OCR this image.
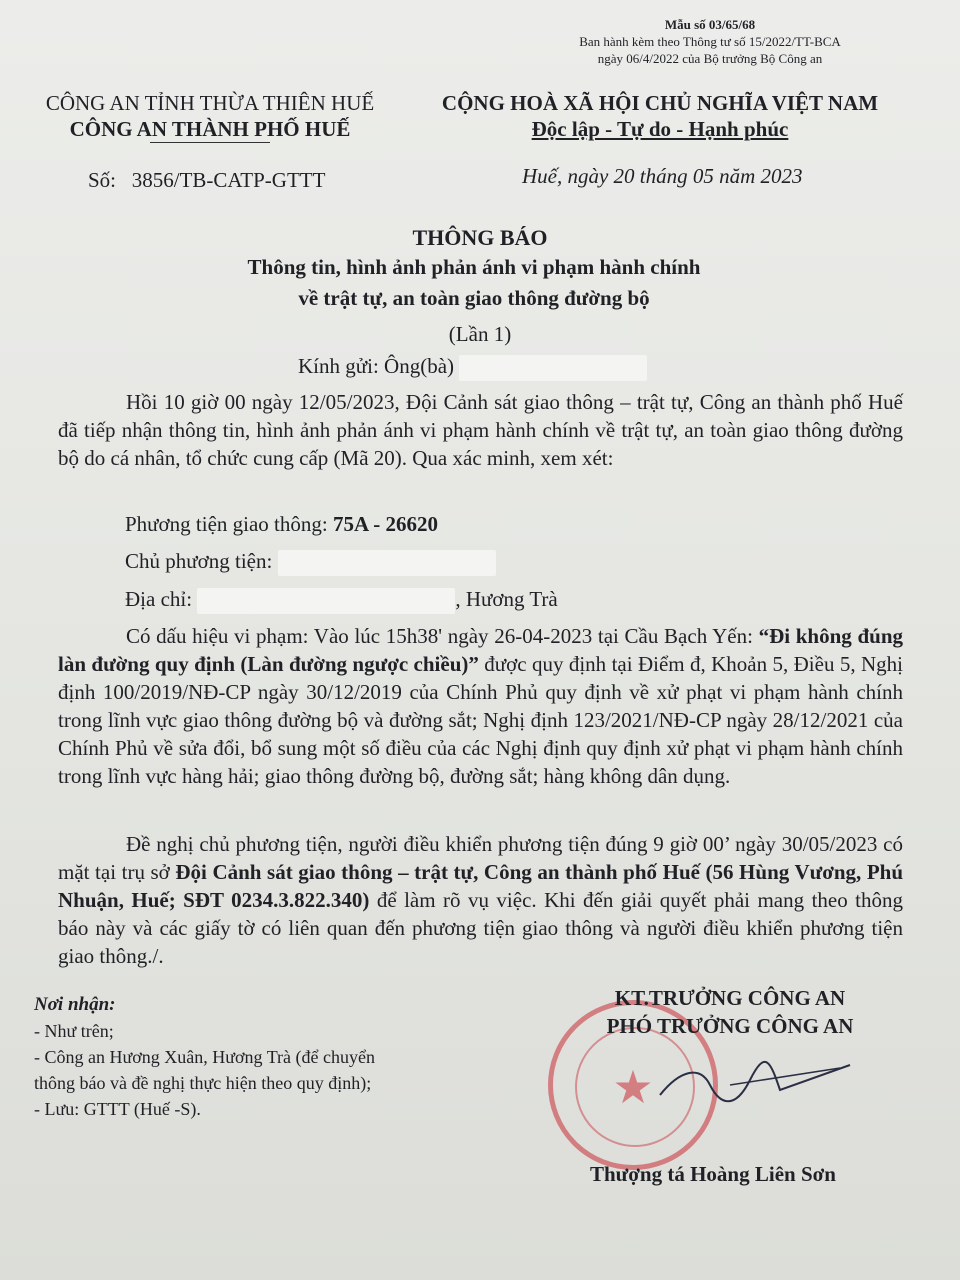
Mẫu số 03/65/68
Ban hành kèm theo Thông tư số 15/2022/TT-BCA
ngày 06/4/2022 của Bộ trưởng Bộ Công an
CÔNG AN TỈNH THỪA THIÊN HUẾ
CÔNG AN THÀNH PHỐ HUẾ
Số: 3856/TB-CATP-GTTT
CỘNG HOÀ XÃ HỘI CHỦ NGHĨA VIỆT NAM
Độc lập - Tự do - Hạnh phúc
Huế, ngày 20 tháng 05 năm 2023
THÔNG BÁO
Thông tin, hình ảnh phản ánh vi phạm hành chính
về trật tự, an toàn giao thông đường bộ
(Lần 1)
Kính gửi: Ông(bà)
Hồi 10 giờ 00 ngày 12/05/2023, Đội Cảnh sát giao thông – trật tự, Công an thành phố Huế đã tiếp nhận thông tin, hình ảnh phản ánh vi phạm hành chính về trật tự, an toàn giao thông đường bộ do cá nhân, tổ chức cung cấp (Mã 20). Qua xác minh, xem xét:
Phương tiện giao thông: 75A - 26620
Chủ phương tiện:
Địa chỉ:	, Hương Trà
Có dấu hiệu vi phạm: Vào lúc 15h38' ngày 26-04-2023 tại Cầu Bạch Yến: “Đi không đúng làn đường quy định (Làn đường ngược chiều)” được quy định tại Điểm đ, Khoản 5, Điều 5, Nghị định 100/2019/NĐ-CP ngày 30/12/2019 của Chính Phủ quy định về xử phạt vi phạm hành chính trong lĩnh vực giao thông đường bộ và đường sắt; Nghị định 123/2021/NĐ-CP ngày 28/12/2021 của Chính Phủ về sửa đổi, bổ sung một số điều của các Nghị định quy định xử phạt vi phạm hành chính trong lĩnh vực hàng hải; giao thông đường bộ, đường sắt; hàng không dân dụng.
Đề nghị chủ phương tiện, người điều khiển phương tiện đúng 9 giờ 00’ ngày 30/05/2023 có mặt tại trụ sở Đội Cảnh sát giao thông – trật tự, Công an thành phố Huế (56 Hùng Vương, Phú Nhuận, Huế; SĐT 0234.3.822.340) để làm rõ vụ việc. Khi đến giải quyết phải mang theo thông báo này và các giấy tờ có liên quan đến phương tiện giao thông và người điều khiển phương tiện giao thông./.
Nơi nhận:
- Như trên;
- Công an Hương Xuân, Hương Trà (để chuyển
thông báo và đề nghị thực hiện theo quy định);
- Lưu: GTTT (Huế -S).	★
KT.TRƯỞNG CÔNG AN
PHÓ TRƯỞNG CÔNG AN
Thượng tá Hoàng Liên Sơn
